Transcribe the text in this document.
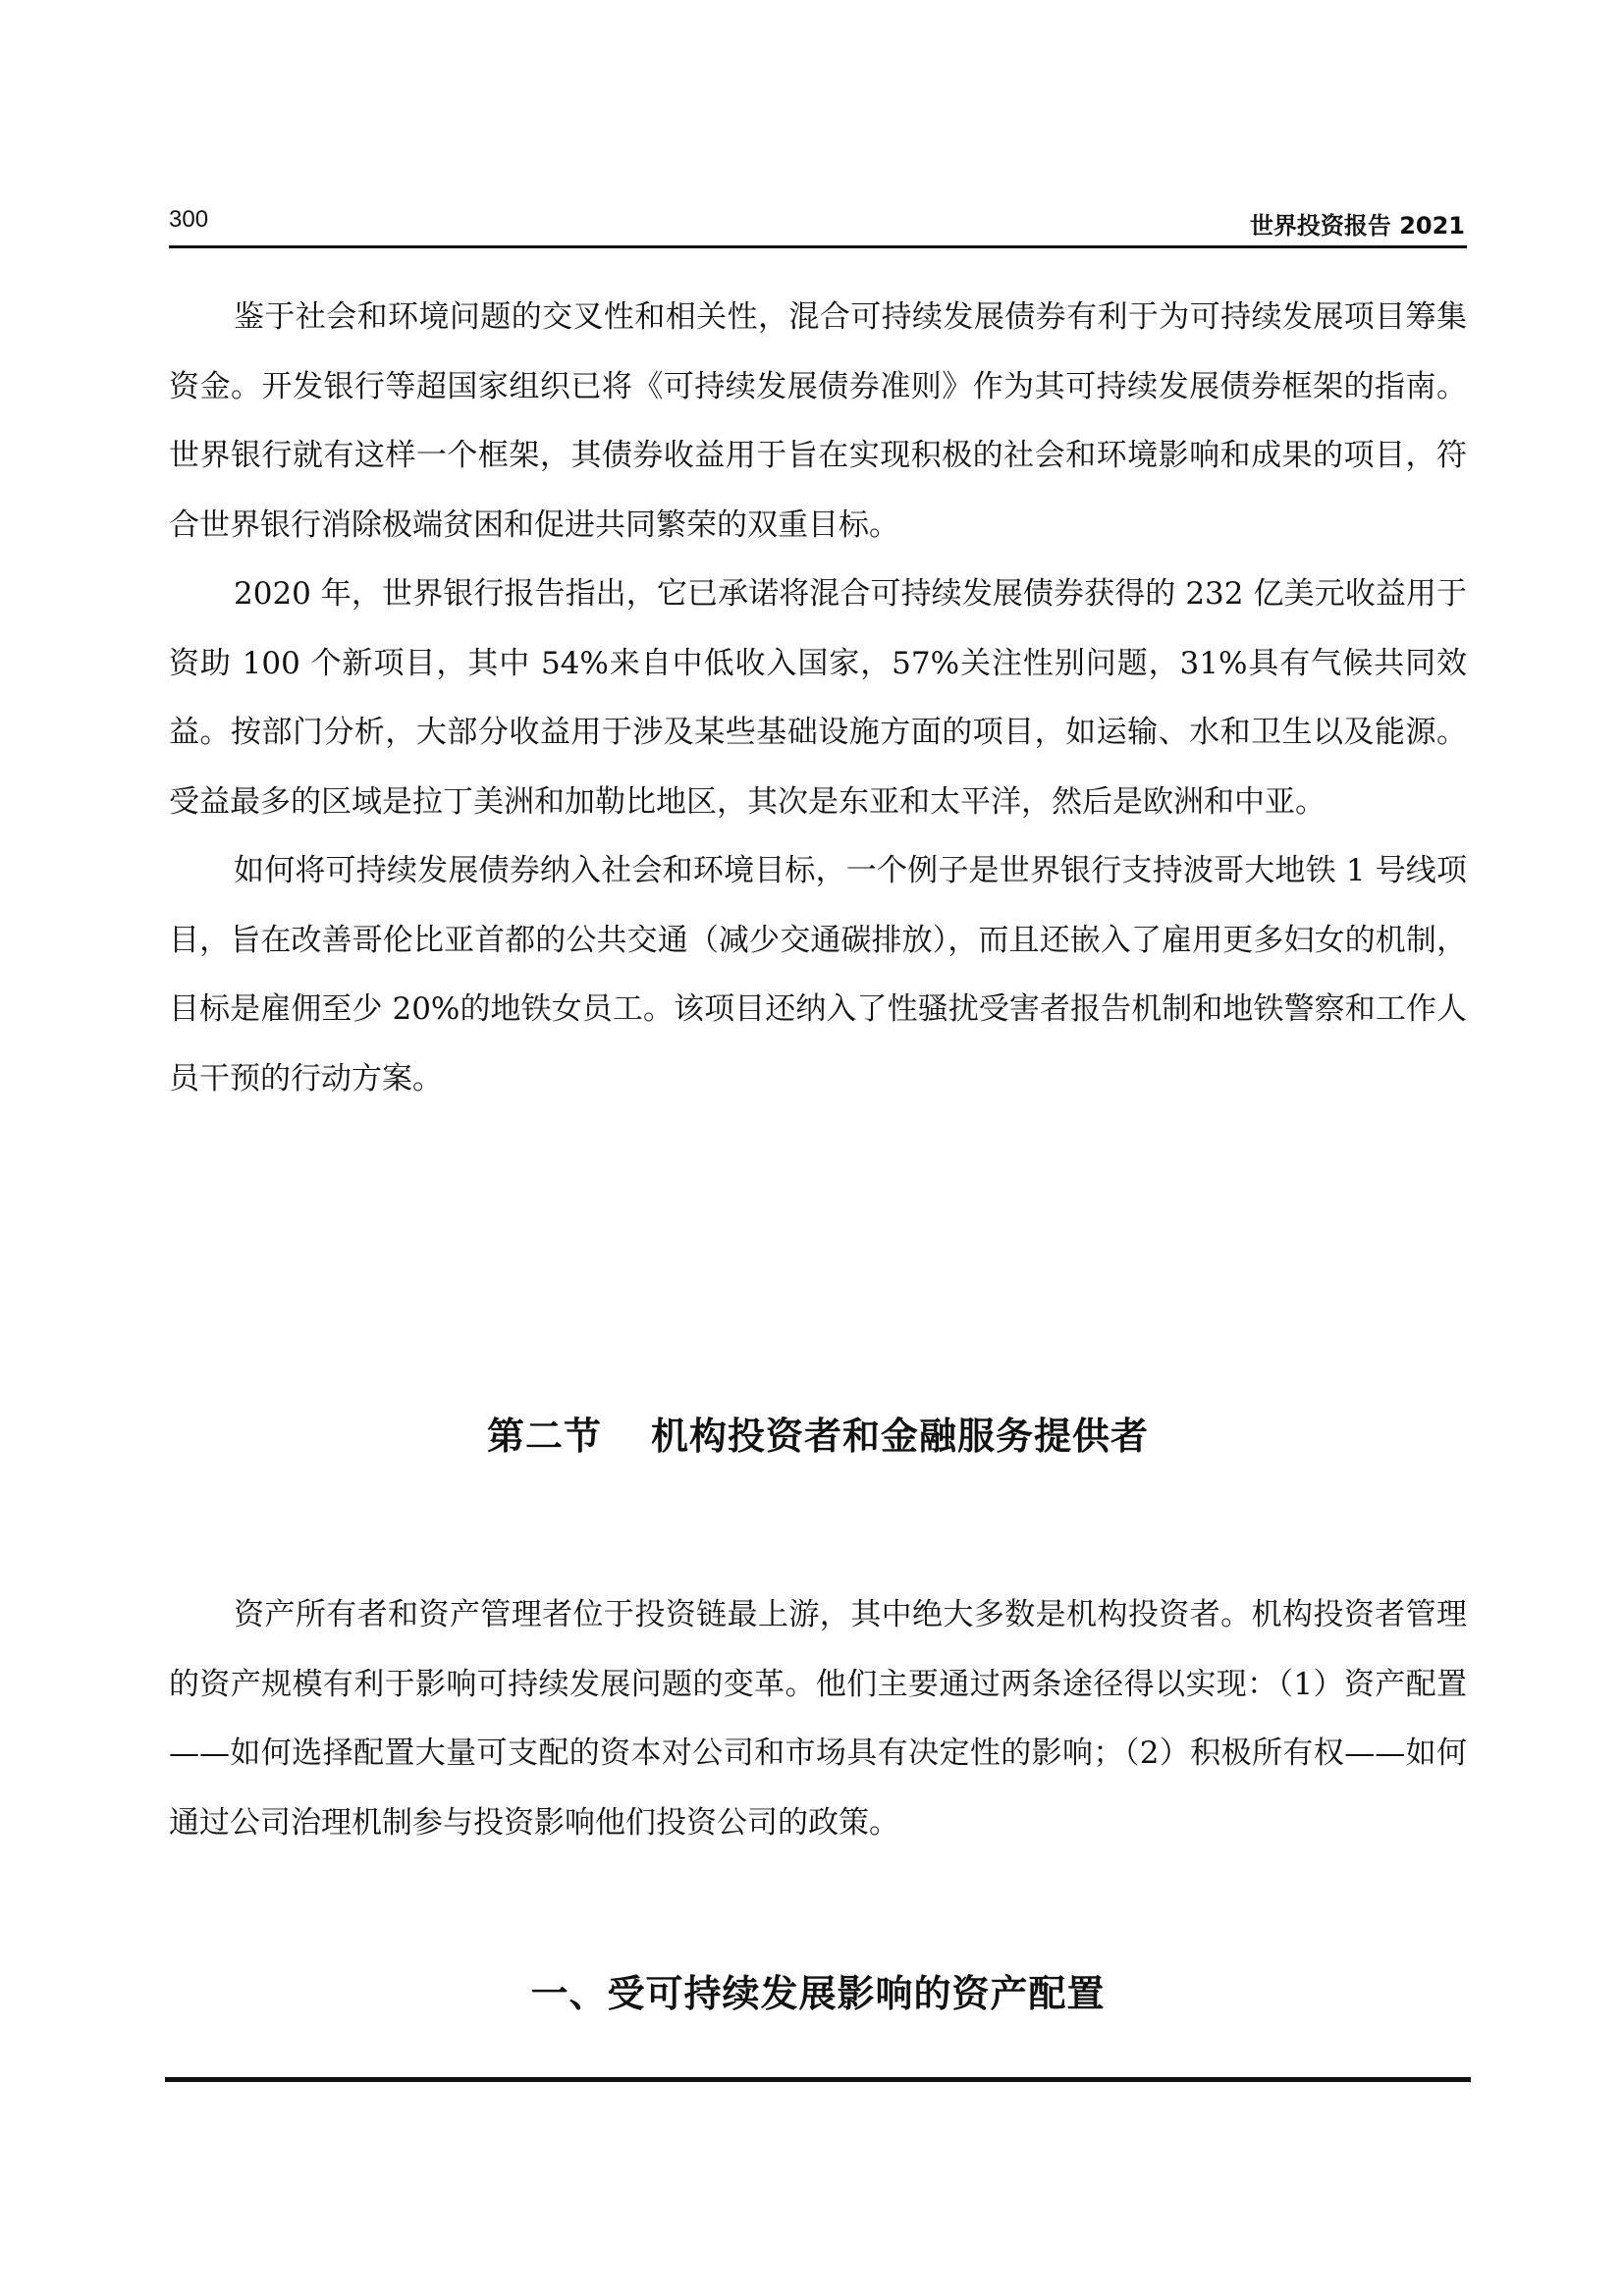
300	世界投资报告 2021

鉴于社会和环境问题的交叉性和相关性，混合可持续发展债券有利于为可持续发展项目筹集资金。开发银行等超国家组织已将《可持续发展债券准则》作为其可持续发展债券框架的指南。世界银行就有这样一个框架，其债券收益用于旨在实现积极的社会和环境影响和成果的项目，符合世界银行消除极端贫困和促进共同繁荣的双重目标。

2020 年，世界银行报告指出，它已承诺将混合可持续发展债券获得的 232 亿美元收益用于资助 100 个新项目，其中 54%来自中低收入国家，57%关注性别问题，31%具有气候共同效益。按部门分析，大部分收益用于涉及某些基础设施方面的项目，如运输、水和卫生以及能源。受益最多的区域是拉丁美洲和加勒比地区，其次是东亚和太平洋，然后是欧洲和中亚。

如何将可持续发展债券纳入社会和环境目标，一个例子是世界银行支持波哥大地铁 1 号线项目，旨在改善哥伦比亚首都的公共交通（减少交通碳排放），而且还嵌入了雇用更多妇女的机制，目标是雇佣至少 20%的地铁女员工。该项目还纳入了性骚扰受害者报告机制和地铁警察和工作人员干预的行动方案。

第二节 机构投资者和金融服务提供者

资产所有者和资产管理者位于投资链最上游，其中绝大多数是机构投资者。机构投资者管理的资产规模有利于影响可持续发展问题的变革。他们主要通过两条途径得以实现：（1）资产配置——如何选择配置大量可支配的资本对公司和市场具有决定性的影响；（2）积极所有权——如何通过公司治理机制参与投资影响他们投资公司的政策。

一、受可持续发展影响的资产配置
